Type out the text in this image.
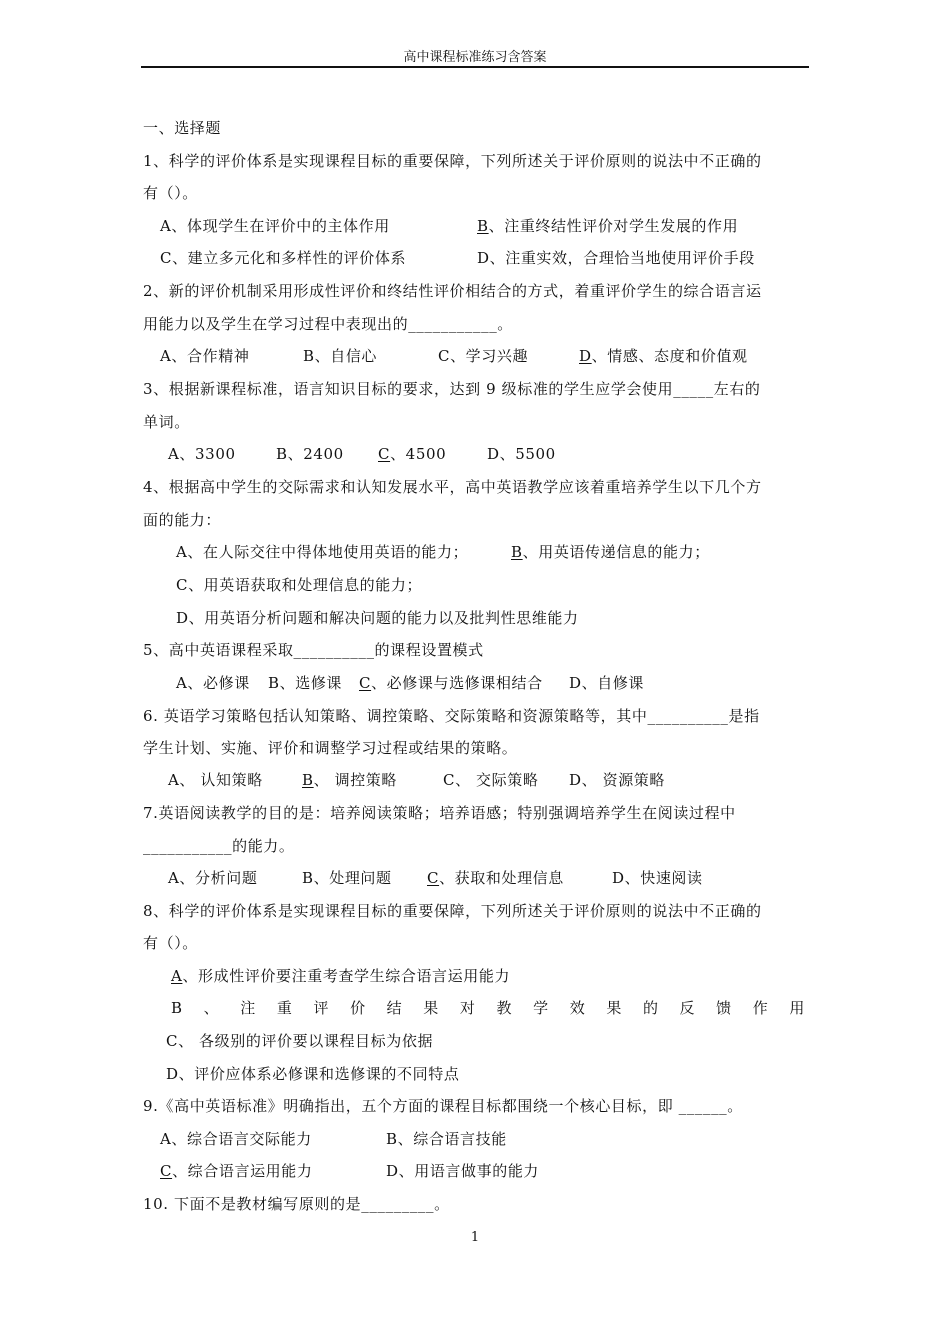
高中课程标准练习含答案
一、选择题
1、科学的评价体系是实现课程目标的重要保障，下列所述关于评价原则的说法中不正确的
有（）。
A、体现学生在评价中的主体作用	B、注重终结性评价对学生发展的作用
C、建立多元化和多样性的评价体系	D、注重实效，合理恰当地使用评价手段
2、新的评价机制采用形成性评价和终结性评价相结合的方式，着重评价学生的综合语言运
用能力以及学生在学习过程中表现出的___________。
A、合作精神	B、自信心	C、学习兴趣	D、情感、态度和价值观
3、根据新课程标准，语言知识目标的要求，达到 9 级标准的学生应学会使用_____左右的
单词。
A、3300	B、2400 C、4500	D、5500
4、根据高中学生的交际需求和认知发展水平，高中英语教学应该着重培养学生以下几个方
面的能力：
A、在人际交往中得体地使用英语的能力；	B、用英语传递信息的能力；
C、用英语获取和处理信息的能力；
D、用英语分析问题和解决问题的能力以及批判性思维能力
5、高中英语课程采取__________的课程设置模式
A、必修课 B、选修课 C、必修课与选修课相结合 D、自修课
6. 英语学习策略包括认知策略、调控策略、交际策略和资源策略等，其中__________是指
学生计划、实施、评价和调整学习过程或结果的策略。
A、 认知策略	B、 调控策略	C、 交际策略 D、 资源策略
7.英语阅读教学的目的是：培养阅读策略；培养语感；特别强调培养学生在阅读过程中
___________的能力。
A、分析问题	B、处理问题 C、获取和处理信息	D、快速阅读
8、科学的评价体系是实现课程目标的重要保障，下列所述关于评价原则的说法中不正确的
有（）。
A、形成性评价要注重考查学生综合语言运用能力
B 、 注 重 评 价 结 果 对 教 学 效 果 的 反 馈 作 用
C、 各级别的评价要以课程目标为依据
D、评价应体系必修课和选修课的不同特点
9.《高中英语标准》明确指出，五个方面的课程目标都围绕一个核心目标，即 ______。
A、综合语言交际能力	B、综合语言技能
C、综合语言运用能力	D、用语言做事的能力
10. 下面不是教材编写原则的是_________。
1
